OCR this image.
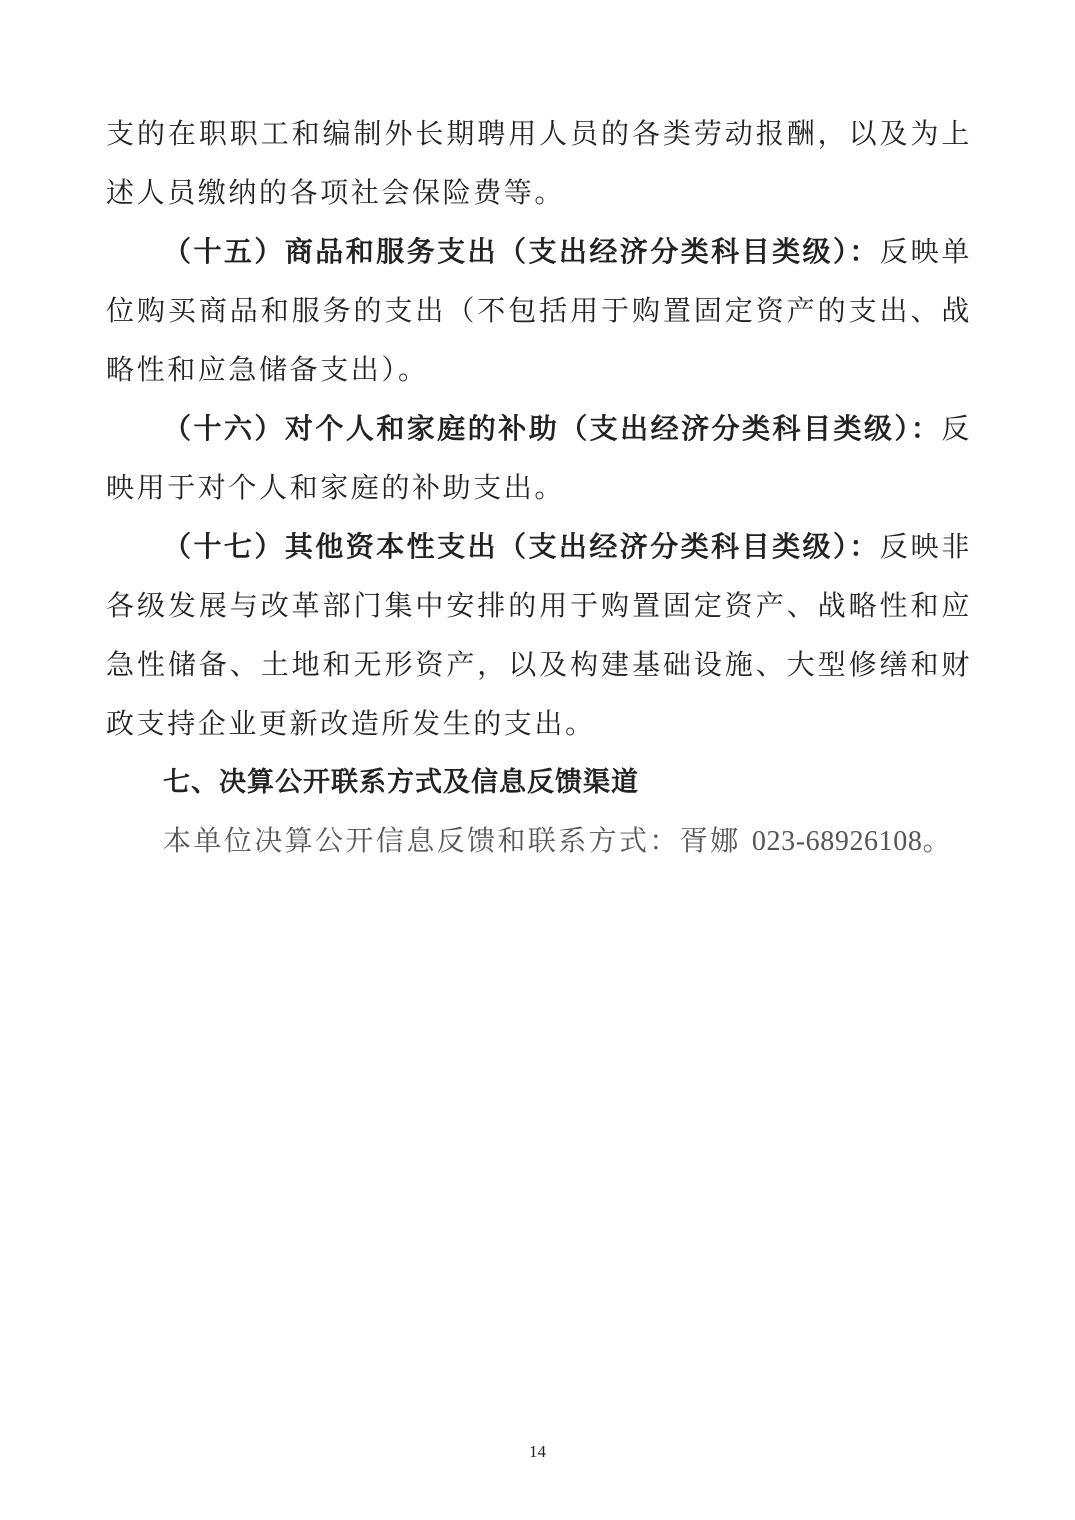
支的在职职工和编制外长期聘用人员的各类劳动报酬，以及为上述人员缴纳的各项社会保险费等。

（十五）商品和服务支出（支出经济分类科目类级）：反映单位购买商品和服务的支出（不包括用于购置固定资产的支出、战略性和应急储备支出）。

（十六）对个人和家庭的补助（支出经济分类科目类级）：反映用于对个人和家庭的补助支出。

（十七）其他资本性支出（支出经济分类科目类级）：反映非各级发展与改革部门集中安排的用于购置固定资产、战略性和应急性储备、土地和无形资产，以及构建基础设施、大型修缮和财政支持企业更新改造所发生的支出。

七、决算公开联系方式及信息反馈渠道

本单位决算公开信息反馈和联系方式：胥娜 023-68926108。

14
